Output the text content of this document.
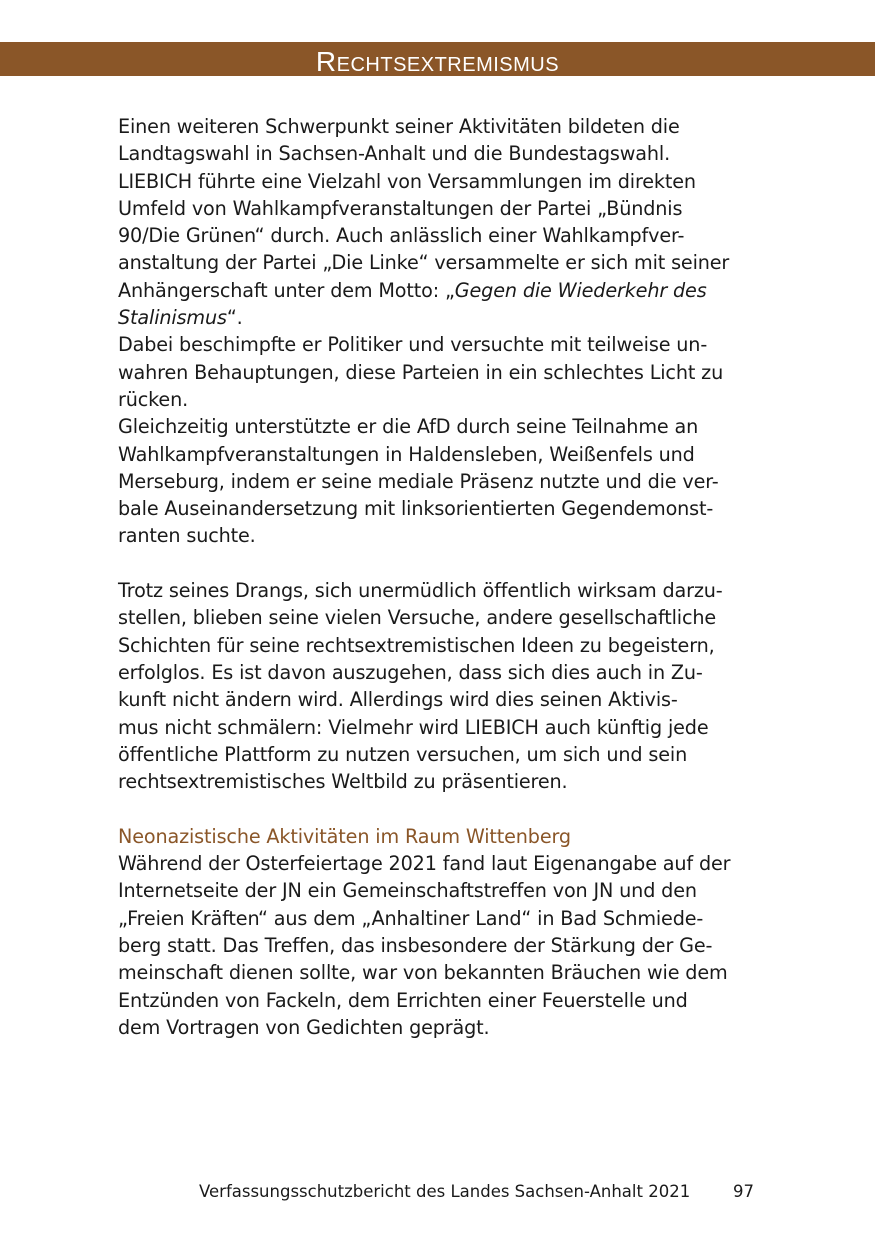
Rechtsextremismus
Einen weiteren Schwerpunkt seiner Aktivitäten bildeten die
Landtagswahl in Sachsen-Anhalt und die Bundestagswahl.
LIEBICH führte eine Vielzahl von Versammlungen im direkten
Umfeld von Wahlkampfveranstaltungen der Partei „Bündnis
90/Die Grünen“ durch. Auch anlässlich einer Wahlkampfver-
anstaltung der Partei „Die Linke“ versammelte er sich mit seiner
Anhängerschaft unter dem Motto: „Gegen die Wiederkehr des
Stalinismus“.
Dabei beschimpfte er Politiker und versuchte mit teilweise un-
wahren Behauptungen, diese Parteien in ein schlechtes Licht zu
rücken.
Gleichzeitig unterstützte er die AfD durch seine Teilnahme an
Wahlkampfveranstaltungen in Haldensleben, Weißenfels und
Merseburg, indem er seine mediale Präsenz nutzte und die ver-
bale Auseinandersetzung mit linksorientierten Gegendemonst-
ranten suchte.
Trotz seines Drangs, sich unermüdlich öffentlich wirksam darzu-
stellen, blieben seine vielen Versuche, andere gesellschaftliche
Schichten für seine rechtsextremistischen Ideen zu begeistern,
erfolglos. Es ist davon auszugehen, dass sich dies auch in Zu-
kunft nicht ändern wird. Allerdings wird dies seinen Aktivis-
mus nicht schmälern: Vielmehr wird LIEBICH auch künftig jede
öffentliche Plattform zu nutzen versuchen, um sich und sein
rechtsextremistisches Weltbild zu präsentieren.
Neonazistische Aktivitäten im Raum Wittenberg
Während der Osterfeiertage 2021 fand laut Eigenangabe auf der
Internetseite der JN ein Gemeinschaftstreffen von JN und den
„Freien Kräften“ aus dem „Anhaltiner Land“ in Bad Schmiede-
berg statt. Das Treffen, das insbesondere der Stärkung der Ge-
meinschaft dienen sollte, war von bekannten Bräuchen wie dem
Entzünden von Fackeln, dem Errichten einer Feuerstelle und
dem Vortragen von Gedichten geprägt.
Verfassungsschutzbericht des Landes Sachsen-Anhalt 2021	97
